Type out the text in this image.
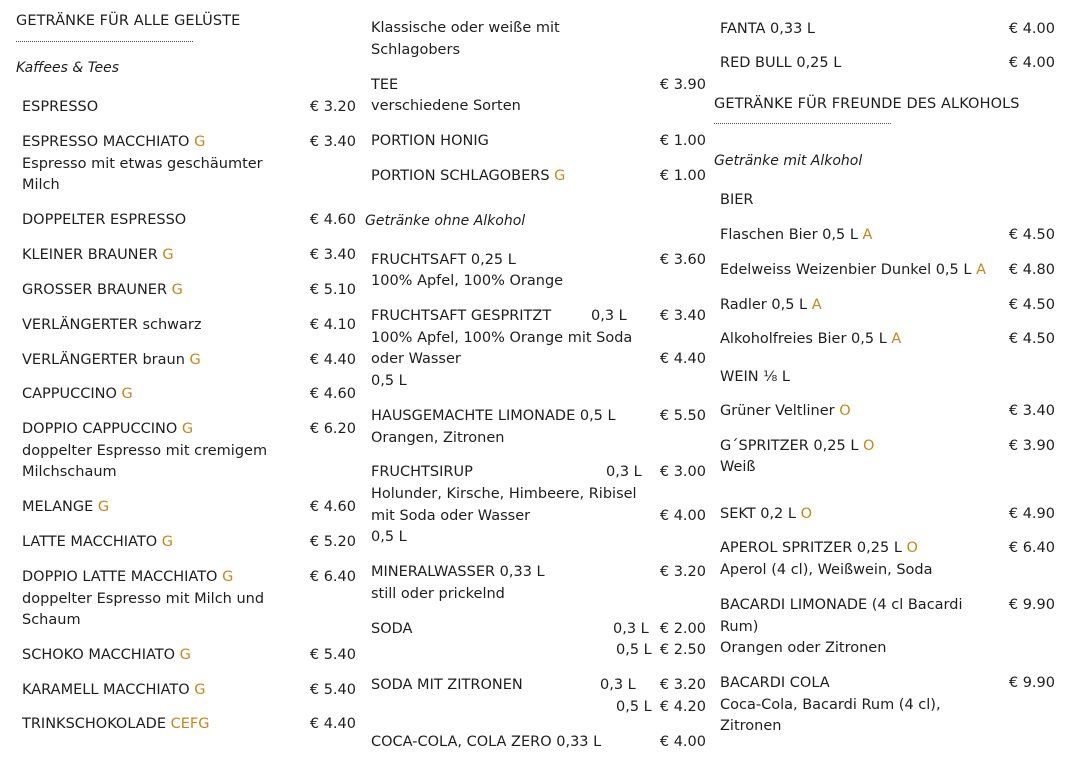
GETRÄNKE FÜR ALLE GELÜSTE
Kaffees & Tees
ESPRESSO	€ 3.20
ESPRESSO MACCHIATO G	€ 3.40
Espresso mit etwas geschäumter
Milch
DOPPELTER ESPRESSO	€ 4.60
KLEINER BRAUNER G	€ 3.40
GROSSER BRAUNER G	€ 5.10
VERLÄNGERTER schwarz	€ 4.10
VERLÄNGERTER braun G	€ 4.40
CAPPUCCINO G	€ 4.60
DOPPIO CAPPUCCINO G	€ 6.20
doppelter Espresso mit cremigem
Milchschaum
MELANGE G	€ 4.60
LATTE MACCHIATO G	€ 5.20
DOPPIO LATTE MACCHIATO G	€ 6.40
doppelter Espresso mit Milch und
Schaum
SCHOKO MACCHIATO G	€ 5.40
KARAMELL MACCHIATO G	€ 5.40
TRINKSCHOKOLADE CEFG	€ 4.40
Klassische oder weiße mit
Schlagobers
TEE	€ 3.90
verschiedene Sorten
PORTION HONIG	€ 1.00
PORTION SCHLAGOBERS G	€ 1.00
Getränke ohne Alkohol
FRUCHTSAFT 0,25 L	€ 3.60
100% Apfel, 100% Orange
FRUCHTSAFT GESPRITZT	0,3 L	€ 3.40
100% Apfel, 100% Orange mit Soda
oder Wasser	€ 4.40
0,5 L
HAUSGEMACHTE LIMONADE 0,5 L	€ 5.50
Orangen, Zitronen
FRUCHTSIRUP	0,3 L	€ 3.00
Holunder, Kirsche, Himbeere, Ribisel
mit Soda oder Wasser	€ 4.00
0,5 L
MINERALWASSER 0,33 L	€ 3.20
still oder prickelnd
SODA	0,3 L € 2.00
0,5 L € 2.50
SODA MIT ZITRONEN	0,3 L	€ 3.20
0,5 L € 4.20
COCA-COLA, COLA ZERO 0,33 L	€ 4.00
FANTA 0,33 L	€ 4.00
RED BULL 0,25 L	€ 4.00
GETRÄNKE FÜR FREUNDE DES ALKOHOLS
Getränke mit Alkohol
BIER
Flaschen Bier 0,5 L A	€ 4.50
Edelweiss Weizenbier Dunkel 0,5 L A	€ 4.80
Radler 0,5 L A	€ 4.50
Alkoholfreies Bier 0,5 L A	€ 4.50
WEIN ⅛ L
Grüner Veltliner O	€ 3.40
G´SPRITZER 0,25 L O	€ 3.90
Weiß
SEKT 0,2 L O	€ 4.90
APEROL SPRITZER 0,25 L O	€ 6.40
Aperol (4 cl), Weißwein, Soda
BACARDI LIMONADE (4 cl Bacardi	€ 9.90
Rum)
Orangen oder Zitronen
BACARDI COLA	€ 9.90
Coca-Cola, Bacardi Rum (4 cl),
Zitronen
